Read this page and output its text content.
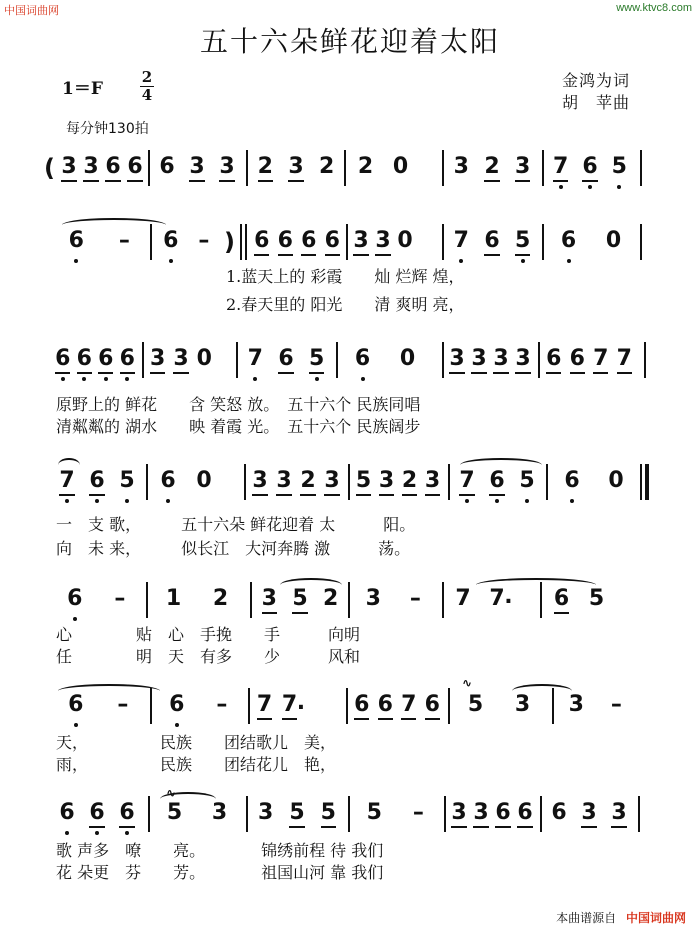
中国词曲网	www.ktvc8.com
五十六朵鲜花迎着太阳
1＝F
2
4
金鸿为词
胡　苹曲
每分钟130拍
( 3 3 6 6 6 3 3 2 3 2 2 0 3 2 3 7 6 5
6 – 6 – ) 6 6 6 6 3 3 0 7 6 5 6 0
1.蓝天上的 彩霞　　灿 烂辉 煌，
2.春天里的 阳光　　清 爽明 亮，
6 6 6 6 3 3 0 7 6 5 6 0 3 3 3 3 6 6 7 7
原野上的 鲜花　　含 笑怒 放。　五十六个 民族同唱
清粼粼的 湖水　　映 着霞 光。　五十六个 民族阔步
7 6 5 6 0 3 3 2 3 5 3 2 3 7 6 5 6 0
一　支 歌，　　　五十六朵 鲜花迎着 太　　　阳。
向　未 来，　　　似长江　大河奔腾 激　　　荡。
6 – 1 2 3 5 2 3 – 7 . 7 6 5
心　　　　贴　心　手挽　　手　　　向明
任　　　　明　天　有多　　少　　　风和
∿
6 – 6 – 7 . 7	6 6 7 6 5 3 3 –
天，　　　　　民族　　团结歌儿　美，
雨，　　　　　民族　　团结花儿　艳，
∿
6 6 6 5 3 3 5 5 5 – 3 3 6 6 6 3 3
歌 声多　嘹　　亮。　　　　锦绣前程 待 我们
花 朵更　芬　　芳。　　　　祖国山河 靠 我们
本曲谱源自 中国词曲网
